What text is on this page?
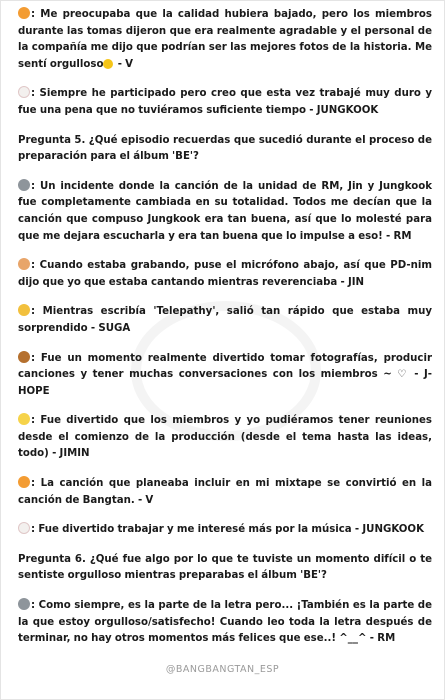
: Me preocupaba que la calidad hubiera bajado, pero los miembros durante las tomas dijeron que era realmente agradable y el personal de la compañía me dijo que podrían ser las mejores fotos de la historia. Me sentí orgulloso - V

: Siempre he participado pero creo que esta vez trabajé muy duro y fue una pena que no tuviéramos suficiente tiempo - JUNGKOOK

Pregunta 5. ¿Qué episodio recuerdas que sucedió durante el proceso de preparación para el álbum 'BE'?

: Un incidente donde la canción de la unidad de RM, Jin y Jungkook fue completamente cambiada en su totalidad. Todos me decían que la canción que compuso Jungkook era tan buena, así que lo molesté para que me dejara escucharla y era tan buena que lo impulse a eso! - RM

: Cuando estaba grabando, puse el micrófono abajo, así que PD-nim dijo que yo que estaba cantando mientras reverenciaba - JIN

: Mientras escribía 'Telepathy', salió tan rápido que estaba muy sorprendido - SUGA

: Fue un momento realmente divertido tomar fotografías, producir canciones y tener muchas conversaciones con los miembros ~ ♡ - J-HOPE

: Fue divertido que los miembros y yo pudiéramos tener reuniones desde el comienzo de la producción (desde el tema hasta las ideas, todo) - JIMIN

: La canción que planeaba incluir en mi mixtape se convirtió en la canción de Bangtan. - V

: Fue divertido trabajar y me interesé más por la música - JUNGKOOK

Pregunta 6. ¿Qué fue algo por lo que te tuviste un momento difícil o te sentiste orgulloso mientras preparabas el álbum 'BE'?

: Como siempre, es la parte de la letra pero... ¡También es la parte de la que estoy orgulloso/satisfecho! Cuando leo toda la letra después de terminar, no hay otros momentos más felices que ese..! ^__^ - RM

@BANGBANGTAN_ESP
